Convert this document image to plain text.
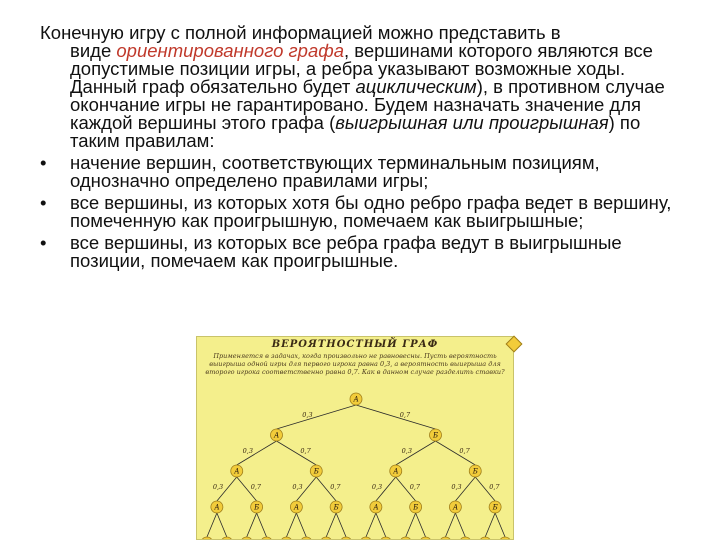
Конечную игру с полной информацией можно представить в
виде ориентированного графа, вершинами которого являются все допустимые позиции игры, а ребра указывают возможные ходы. Данный граф обязательно будет ациклическим), в противном случае окончание игры не гарантировано. Будем назначать значение для каждой вершины этого графа (выигрышная или проигрышная) по таким правилам:

• начение вершин, соответствующих терминальным позициям, однозначно определено правилами игры;
• все вершины, из которых хотя бы одно ребро графа ведет в вершину, помеченную как проигрышную, помечаем как выигрышные;
• все вершины, из которых все ребра графа ведут в выигрышные позиции, помечаем как проигрышные.
0,3	0,7
0,3	0,7	0,3	0,7
0,3	0,7	0,3	0,7	0,3	0,7	0,3	0,7
А
А	Б
А	Б	А	Б
А	Б	А	Б	А	Б	А	Б
ВЕРОЯТНОСТНЫЙ ГРАФ
Применяется в задачах, когда произвольно не равновесны. Пусть вероятность выигрыша одной игры для первого игрока равна 0,3, а вероятность выигрыша для второго игрока соответственно равна 0,7. Как в данном случае разделить ставки?
